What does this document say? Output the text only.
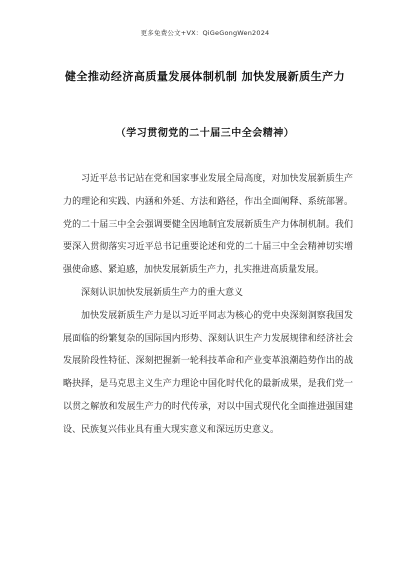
更多免费公文+VX：QiGeGongWen2024
健全推动经济高质量发展体制机制 加快发展新质生产力
（学习贯彻党的二十届三中全会精神）

习近平总书记站在党和国家事业发展全局高度，对加快发展新质生产力的理论和实践、内涵和外延、方法和路径，作出全面阐释、系统部署。党的二十届三中全会强调要健全因地制宜发展新质生产力体制机制。我们要深入贯彻落实习近平总书记重要论述和党的二十届三中全会精神切实增强使命感、紧迫感，加快发展新质生产力，扎实推进高质量发展。

深刻认识加快发展新质生产力的重大意义

加快发展新质生产力是以习近平同志为核心的党中央深刻洞察我国发展面临的纷繁复杂的国际国内形势、深刻认识生产力发展规律和经济社会发展阶段性特征、深刻把握新一轮科技革命和产业变革浪潮趋势作出的战略抉择，是马克思主义生产力理论中国化时代化的最新成果，是我们党一以贯之解放和发展生产力的时代传承，对以中国式现代化全面推进强国建设、民族复兴伟业具有重大现实意义和深远历史意义。
